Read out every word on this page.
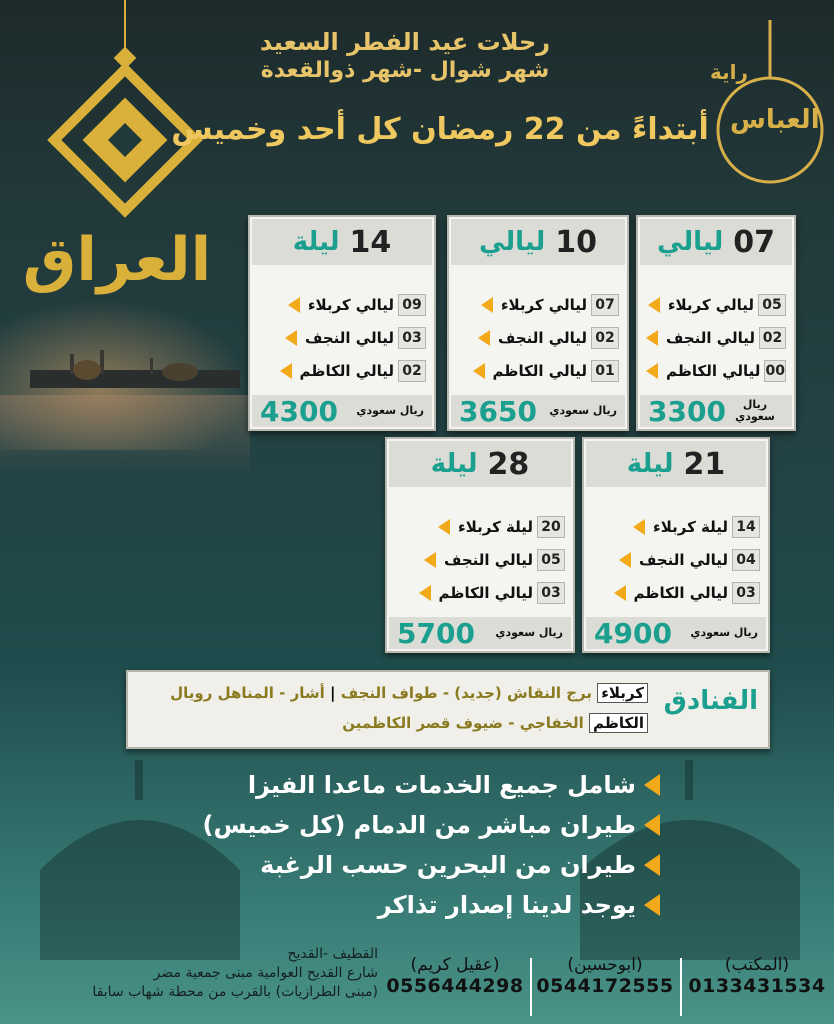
العراق
رحلات عيد الفطر السعيد
شهر شوال -شهر ذوالقعدة
أبتداءً من 22 رمضان كل أحد وخميس
راية
العباس
07
ليالي
05
ليالي كربلاء
02
ليالي النجف
00
ليالي الكاظم
3300	ريال سعودي
10
ليالي
07
ليالي كربلاء
02
ليالي النجف
01
ليالي الكاظم
3650 ريال سعودي
14
ليلة
09
ليالي كربلاء
03
ليالي النجف
02
ليالي الكاظم
4300 ريال سعودي
21
ليلة
14
ليلة كربلاء
04
ليالي النجف
03
ليالي الكاظم
4900 ريال سعودي
28
ليلة
20
ليلة كربلاء
05
ليالي النجف
03
ليالي الكاظم
5700 ريال سعودي
الفنادق
كربلاء برج النقاش (جديد) - طواف النجف | أشار - المناهل رويال
الكاظم الخفاجي - ضيوف قصر الكاظمين
شامل جميع الخدمات ماعدا الفيزا
طيران مباشر من الدمام (كل خميس)
طيران من البحرين حسب الرغبة
يوجد لدينا إصدار تذاكر
القطيف -القديح
شارع القديح العوامية مبنى جمعية مضر
(مبنى الطرازيات) بالقرب من محطة شهاب سابقا
(المكتب)
0133431534
(ابوحسين)
0544172555
(عقيل كريم)
0556444298
